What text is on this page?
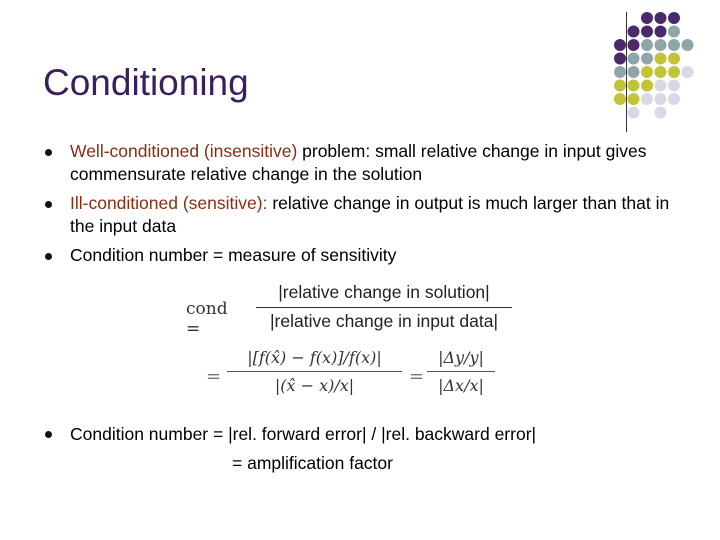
Conditioning
Well-conditioned (insensitive) problem: small relative change in input gives commensurate relative change in the solution
Ill-conditioned (sensitive): relative change in output is much larger than that in the input data
Condition number = measure of sensitivity
cond =
|relative change in solution|
|relative change in input data|
= $\frac{|[f(x̂) - f(x)]/f(x)|}{|(x̂ - x)/x|} = \frac{|\Delta y/y|}{|\Delta x/x|}$
Condition number = |rel. forward error| / |rel. backward error|
= amplification factor
